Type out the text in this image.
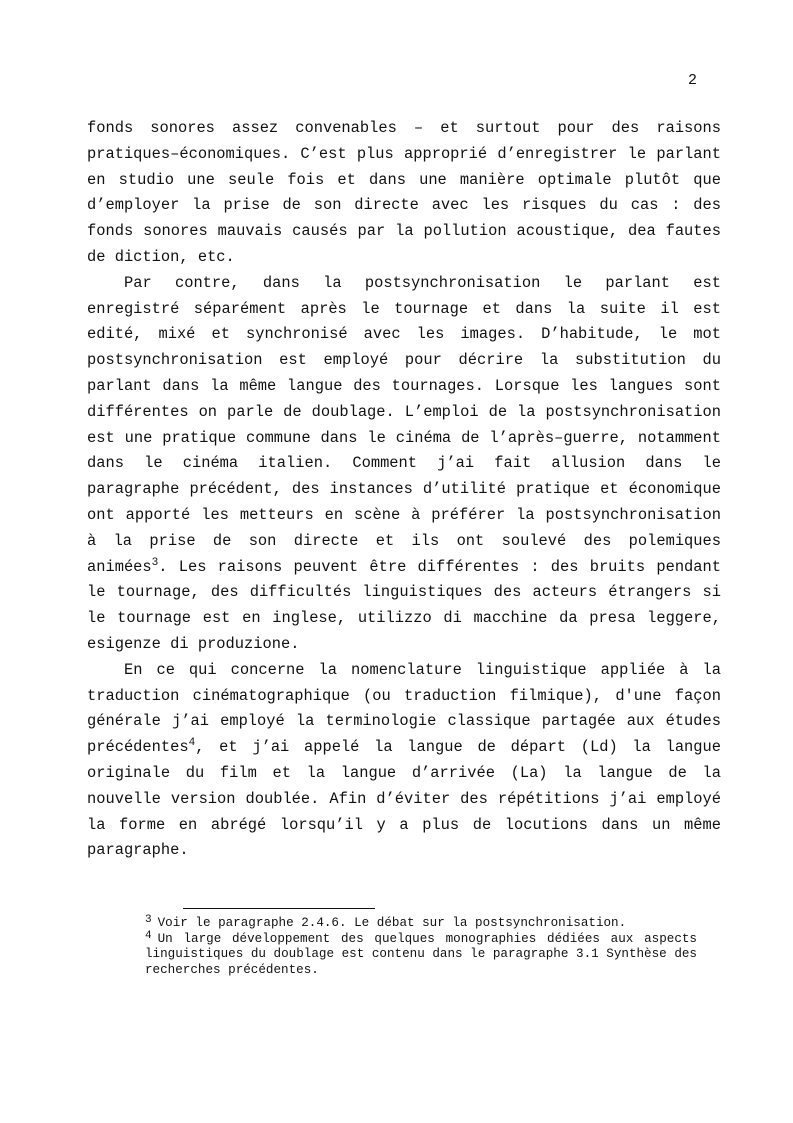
2

fonds sonores assez convenables – et surtout pour des raisons pratiques–économiques. C’est plus approprié d’enregistrer le parlant en studio une seule fois et dans une manière optimale plutôt que d’employer la prise de son directe avec les risques du cas : des fonds sonores mauvais causés par la pollution acoustique, dea fautes de diction, etc.

Par contre, dans la postsynchronisation le parlant est enregistré séparément après le tournage et dans la suite il est edité, mixé et synchronisé avec les images. D’habitude, le mot postsynchronisation est employé pour décrire la substitution du parlant dans la même langue des tournages. Lorsque les langues sont différentes on parle de doublage. L’emploi de la postsynchronisation est une pratique commune dans le cinéma de l’après–guerre, notamment dans le cinéma italien. Comment j’ai fait allusion dans le paragraphe précédent, des instances d’utilité pratique et économique ont apporté les metteurs en scène à préférer la postsynchronisation à la prise de son directe et ils ont soulevé des polemiques animées$^3$. Les raisons peuvent être différentes : des bruits pendant le tournage, des difficultés linguistiques des acteurs étrangers si le tournage est en inglese, utilizzo di macchine da presa leggere, esigenze di produzione.

En ce qui concerne la nomenclature linguistique appliée à la traduction cinématographique (ou traduction filmique), d'une façon générale j’ai employé la terminologie classique partagée aux études précédentes$^4$, et j’ai appelé la langue de départ (Ld) la langue originale du film et la langue d’arrivée (La) la langue de la nouvelle version doublée. Afin d’éviter des répétitions j’ai employé la forme en abrégé lorsqu’il y a plus de locutions dans un même paragraphe.

3 Voir le paragraphe 2.4.6. Le débat sur la postsynchronisation.

4 Un large développement des quelques monographies dédiées aux aspects linguistiques du doublage est contenu dans le paragraphe 3.1 Synthèse des recherches précédentes.
